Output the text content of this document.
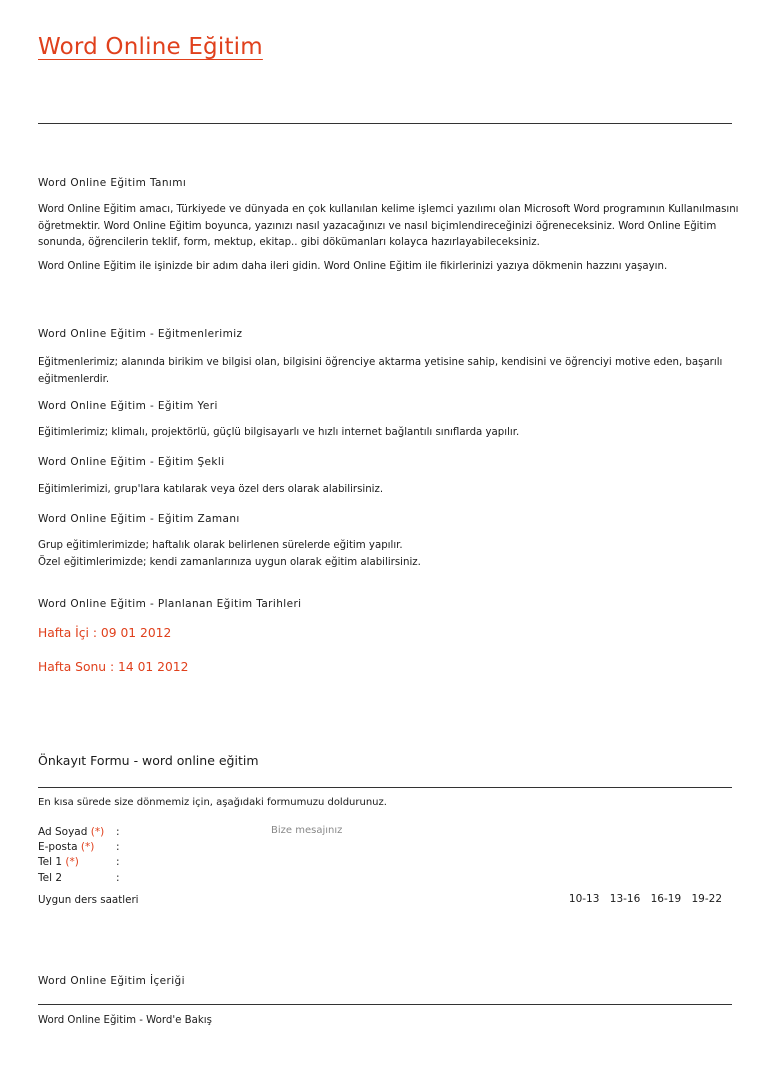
Word Online Eğitim
Word Online Eğitim Tanımı
Word Online Eğitim amacı, Türkiyede ve dünyada en çok kullanılan kelime işlemci yazılımı olan Microsoft Word programının Kullanılmasını
öğretmektir. Word Online Eğitim boyunca, yazınızı nasıl yazacağınızı ve nasıl biçimlendireceğinizi öğreneceksiniz. Word Online Eğitim
sonunda, öğrencilerin teklif, form, mektup, ekitap.. gibi dökümanları kolayca hazırlayabileceksiniz.
Word Online Eğitim ile işinizde bir adım daha ileri gidin. Word Online Eğitim ile fikirlerinizi yazıya dökmenin hazzını yaşayın.
Word Online Eğitim - Eğitmenlerimiz
Eğitmenlerimiz; alanında birikim ve bilgisi olan, bilgisini öğrenciye aktarma yetisine sahip, kendisini ve öğrenciyi motive eden, başarılı
eğitmenlerdir.
Word Online Eğitim - Eğitim Yeri
Eğitimlerimiz; klimalı, projektörlü, güçlü bilgisayarlı ve hızlı internet bağlantılı sınıflarda yapılır.
Word Online Eğitim - Eğitim Şekli
Eğitimlerimizi, grup'lara katılarak veya özel ders olarak alabilirsiniz.
Word Online Eğitim - Eğitim Zamanı
Grup eğitimlerimizde; haftalık olarak belirlenen sürelerde eğitim yapılır.
Özel eğitimlerimizde; kendi zamanlarınıza uygun olarak eğitim alabilirsiniz.
Word Online Eğitim - Planlanan Eğitim Tarihleri
Hafta İçi : 09 01 2012
Hafta Sonu : 14 01 2012
Önkayıt Formu - word online eğitim
En kısa sürede size dönmemiz için, aşağıdaki formumuzu doldurunuz.
Ad Soyad (*) :
E-posta (*) :
Tel 1 (*)	:
Tel 2	:
Bize mesajınız
Uygun ders saatleri	10-13 13-16 16-19 19-22
Word Online Eğitim İçeriği
Word Online Eğitim - Word'e Bakış
